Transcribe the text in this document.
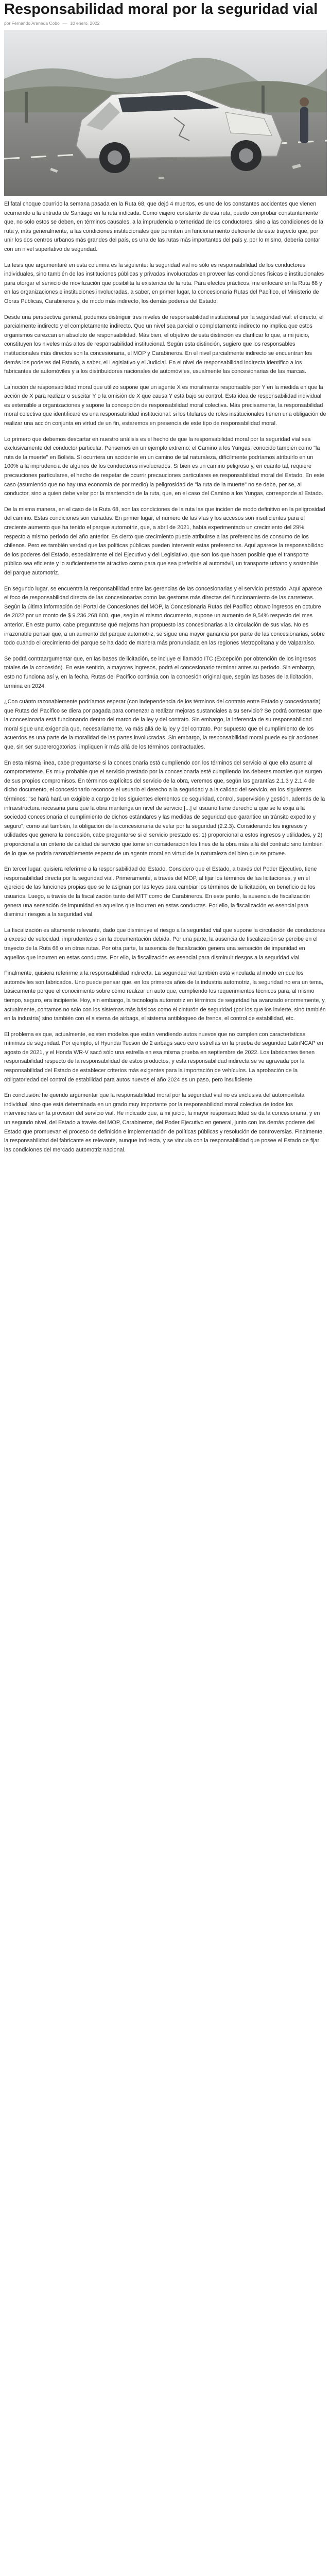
Responsabilidad moral por la seguridad vial
por Fernando Araneda Cobo — 10 enero, 2022

El fatal choque ocurrido la semana pasada en la Ruta 68, que dejó 4 muertos, es uno de los constantes accidentes que vienen ocurriendo a la entrada de Santiago en la ruta indicada. Como viajero constante de esa ruta, puedo comprobar constantemente que, no solo estos se deben, en términos causales, a la imprudencia o temeridad de los conductores, sino a las condiciones de la ruta y, más generalmente, a las condiciones institucionales que permiten un funcionamiento deficiente de este trayecto que, por unir los dos centros urbanos más grandes del país, es una de las rutas más importantes del país y, por lo mismo, debería contar con un nivel superlativo de seguridad.

La tesis que argumentaré en esta columna es la siguiente: la seguridad vial no sólo es responsabilidad de los conductores individuales, sino también de las instituciones públicas y privadas involucradas en proveer las condiciones físicas e institucionales para otorgar el servicio de movilización que posibilita la existencia de la ruta. Para efectos prácticos, me enfocaré en la Ruta 68 y en las organizaciones e instituciones involucradas, a saber, en primer lugar, la concesionaria Rutas del Pacífico, el Ministerio de Obras Públicas, Carabineros y, de modo más indirecto, los demás poderes del Estado.

Desde una perspectiva general, podemos distinguir tres niveles de responsabilidad institucional por la seguridad vial: el directo, el parcialmente indirecto y el completamente indirecto. Que un nivel sea parcial o completamente indirecto no implica que estos organismos carezcan en absoluto de responsabilidad. Más bien, el objetivo de esta distinción es clarificar lo que, a mi juicio, constituyen los niveles más altos de responsabilidad institucional. Según esta distinción, sugiero que los responsables institucionales más directos son la concesionaria, el MOP y Carabineros. En el nivel parcialmente indirecto se encuentran los demás los poderes del Estado, a saber, el Legislativo y el Judicial. En el nivel de responsabilidad indirecta identifico a los fabricantes de automóviles y a los distribuidores nacionales de automóviles, usualmente las concesionarias de las marcas.

La noción de responsabilidad moral que utilizo supone que un agente X es moralmente responsable por Y en la medida en que la acción de X para realizar o suscitar Y o la omisión de X que causa Y está bajo su control. Esta idea de responsabilidad individual es extensible a organizaciones y supone la concepción de responsabilidad moral colectiva. Más precisamente, la responsabilidad moral colectiva que identificaré es una responsabilidad institucional: si los titulares de roles institucionales tienen una obligación de realizar una acción conjunta en virtud de un fin, estaremos en presencia de este tipo de responsabilidad moral.

Lo primero que debemos descartar en nuestro análisis es el hecho de que la responsabilidad moral por la seguridad vial sea exclusivamente del conductor particular. Pensemos en un ejemplo extremo: el Camino a los Yungas, conocido también como "la ruta de la muerte" en Bolivia. Si ocurriera un accidente en un camino de tal naturaleza, difícilmente podríamos atribuirlo en un 100% a la imprudencia de algunos de los conductores involucrados. Si bien es un camino peligroso y, en cuanto tal, requiere precauciones particulares, el hecho de respetar de ocurrir precauciones particulares es responsabilidad moral del Estado. En este caso (asumiendo que no hay una economía de por medio) la peligrosidad de "la ruta de la muerte" no se debe, per se, al conductor, sino a quien debe velar por la mantención de la ruta, que, en el caso del Camino a los Yungas, corresponde al Estado.

De la misma manera, en el caso de la Ruta 68, son las condiciones de la ruta las que inciden de modo definitivo en la peligrosidad del camino. Estas condiciones son variadas. En primer lugar, el número de las vías y los accesos son insuficientes para el creciente aumento que ha tenido el parque automotriz, que, a abril de 2021, había experimentado un crecimiento del 29% respecto a mismo período del año anterior. Es cierto que crecimiento puede atribuirse a las preferencias de consumo de los chilenos. Pero es también verdad que las políticas públicas pueden intervenir estas preferencias. Aquí aparece la responsabilidad de los poderes del Estado, especialmente el del Ejecutivo y del Legislativo, que son los que hacen posible que el transporte público sea eficiente y lo suficientemente atractivo como para que sea preferible al automóvil, un transporte urbano y sostenible del parque automotriz.

En segundo lugar, se encuentra la responsabilidad entre las gerencias de las concesionarias y el servicio prestado. Aquí aparece el foco de responsabilidad directa de las concesionarias como las gestoras más directas del funcionamiento de las carreteras. Según la última información del Portal de Concesiones del MOP, la Concesionaria Rutas del Pacífico obtuvo ingresos en octubre de 2022 por un monto de $ 9.236.268.800, que, según el mismo documento, supone un aumento de 9,54% respecto del mes anterior. En este punto, cabe preguntarse qué mejoras han propuesto las concesionarias a la circulación de sus vías. No es irrazonable pensar que, a un aumento del parque automotriz, se sigue una mayor ganancia por parte de las concesionarias, sobre todo cuando el crecimiento del parque se ha dado de manera más pronunciada en las regiones Metropolitana y de Valparaíso.

Se podrá contraargumentar que, en las bases de licitación, se incluye el llamado ITC (Excepción por obtención de los ingresos totales de la concesión). En este sentido, a mayores ingresos, podrá el concesionario terminar antes su período. Sin embargo, esto no funciona así y, en la fecha, Rutas del Pacífico continúa con la concesión original que, según las bases de la licitación, termina en 2024.

¿Con cuánto razonablemente podríamos esperar (con independencia de los términos del contrato entre Estado y concesionaria) que Rutas del Pacífico se diera por pagada para comenzar a realizar mejoras sustanciales a su servicio? Se podrá contestar que la concesionaria está funcionando dentro del marco de la ley y del contrato. Sin embargo, la inferencia de su responsabilidad moral sigue una exigencia que, necesariamente, va más allá de la ley y del contrato. Por supuesto que el cumplimiento de los acuerdos es una parte de la moralidad de las partes involucradas. Sin embargo, la responsabilidad moral puede exigir acciones que, sin ser supererogatorias, impliquen ir más allá de los términos contractuales.

En esta misma línea, cabe preguntarse si la concesionaria está cumpliendo con los términos del servicio al que ella asume al comprometerse. Es muy probable que el servicio prestado por la concesionaria esté cumpliendo los deberes morales que surgen de sus propios compromisos. En términos explícitos del servicio de la obra, veremos que, según las garantías 2.1.3 y 2.1.4 de dicho documento, el concesionario reconoce el usuario el derecho a la seguridad y a la calidad del servicio, en los siguientes términos: "se hará hará un exigible a cargo de los siguientes elementos de seguridad, control, supervisión y gestión, además de la infraestructura necesaria para que la obra mantenga un nivel de servicio [...] el usuario tiene derecho a que se le exija a la sociedad concesionaria el cumplimiento de dichos estándares y las medidas de seguridad que garantice un tránsito expedito y seguro", como así también, la obligación de la concesionaria de velar por la seguridad (2.2.3). Considerando los ingresos y utilidades que genera la concesión, cabe preguntarse si el servicio prestado es: 1) proporcional a estos ingresos y utilidades, y 2) proporcional a un criterio de calidad de servicio que tome en consideración los fines de la obra más allá del contrato sino también de lo que se podría razonablemente esperar de un agente moral en virtud de la naturaleza del bien que se provee.

En tercer lugar, quisiera referirme a la responsabilidad del Estado. Considero que el Estado, a través del Poder Ejecutivo, tiene responsabilidad directa por la seguridad vial. Primeramente, a través del MOP, al fijar los términos de las licitaciones, y en el ejercicio de las funciones propias que se le asignan por las leyes para cambiar los términos de la licitación, en beneficio de los usuarios. Luego, a través de la fiscalización tanto del MTT como de Carabineros. En este punto, la ausencia de fiscalización genera una sensación de impunidad en aquellos que incurren en estas conductas. Por ello, la fiscalización es esencial para disminuir riesgos a la seguridad vial.

La fiscalización es altamente relevante, dado que disminuye el riesgo a la seguridad vial que supone la circulación de conductores a exceso de velocidad, imprudentes o sin la documentación debida. Por una parte, la ausencia de fiscalización se percibe en el trayecto de la Ruta 68 o en otras rutas. Por otra parte, la ausencia de fiscalización genera una sensación de impunidad en aquellos que incurren en estas conductas. Por ello, la fiscalización es esencial para disminuir riesgos a la seguridad vial.

Finalmente, quisiera referirme a la responsabilidad indirecta. La seguridad vial también está vinculada al modo en que los automóviles son fabricados. Uno puede pensar que, en los primeros años de la industria automotriz, la seguridad no era un tema, básicamente porque el conocimiento sobre cómo realizar un auto que, cumpliendo los requerimientos técnicos para, al mismo tiempo, seguro, era incipiente. Hoy, sin embargo, la tecnología automotriz en términos de seguridad ha avanzado enormemente, y, actualmente, contamos no solo con los sistemas más básicos como el cinturón de seguridad (por los que los invierte, sino también en la industria) sino también con el sistema de airbags, el sistema antibloqueo de frenos, el control de estabilidad, etc.

El problema es que, actualmente, existen modelos que están vendiendo autos nuevos que no cumplen con características mínimas de seguridad. Por ejemplo, el Hyundai Tucson de 2 airbags sacó cero estrellas en la prueba de seguridad LatinNCAP en agosto de 2021, y el Honda WR-V sacó sólo una estrella en esa misma prueba en septiembre de 2022. Los fabricantes tienen responsabilidad respecto de la responsabilidad de estos productos, y esta responsabilidad indirecta se ve agravada por la responsabilidad del Estado de establecer criterios más exigentes para la importación de vehículos. La aprobación de la obligatoriedad del control de estabilidad para autos nuevos el año 2024 es un paso, pero insuficiente.

En conclusión: he querido argumentar que la responsabilidad moral por la seguridad vial no es exclusiva del automovilista individual, sino que está determinada en un grado muy importante por la responsabilidad moral colectiva de todos los intervinientes en la provisión del servicio vial. He indicado que, a mi juicio, la mayor responsabilidad se da la concesionaria, y en un segundo nivel, del Estado a través del MOP, Carabineros, del Poder Ejecutivo en general, junto con los demás poderes del Estado que promuevan el proceso de definición e implementación de políticas públicas y resolución de controversias. Finalmente, la responsabilidad del fabricante es relevante, aunque indirecta, y se vincula con la responsabilidad que posee el Estado de fijar las condiciones del mercado automotriz nacional.
